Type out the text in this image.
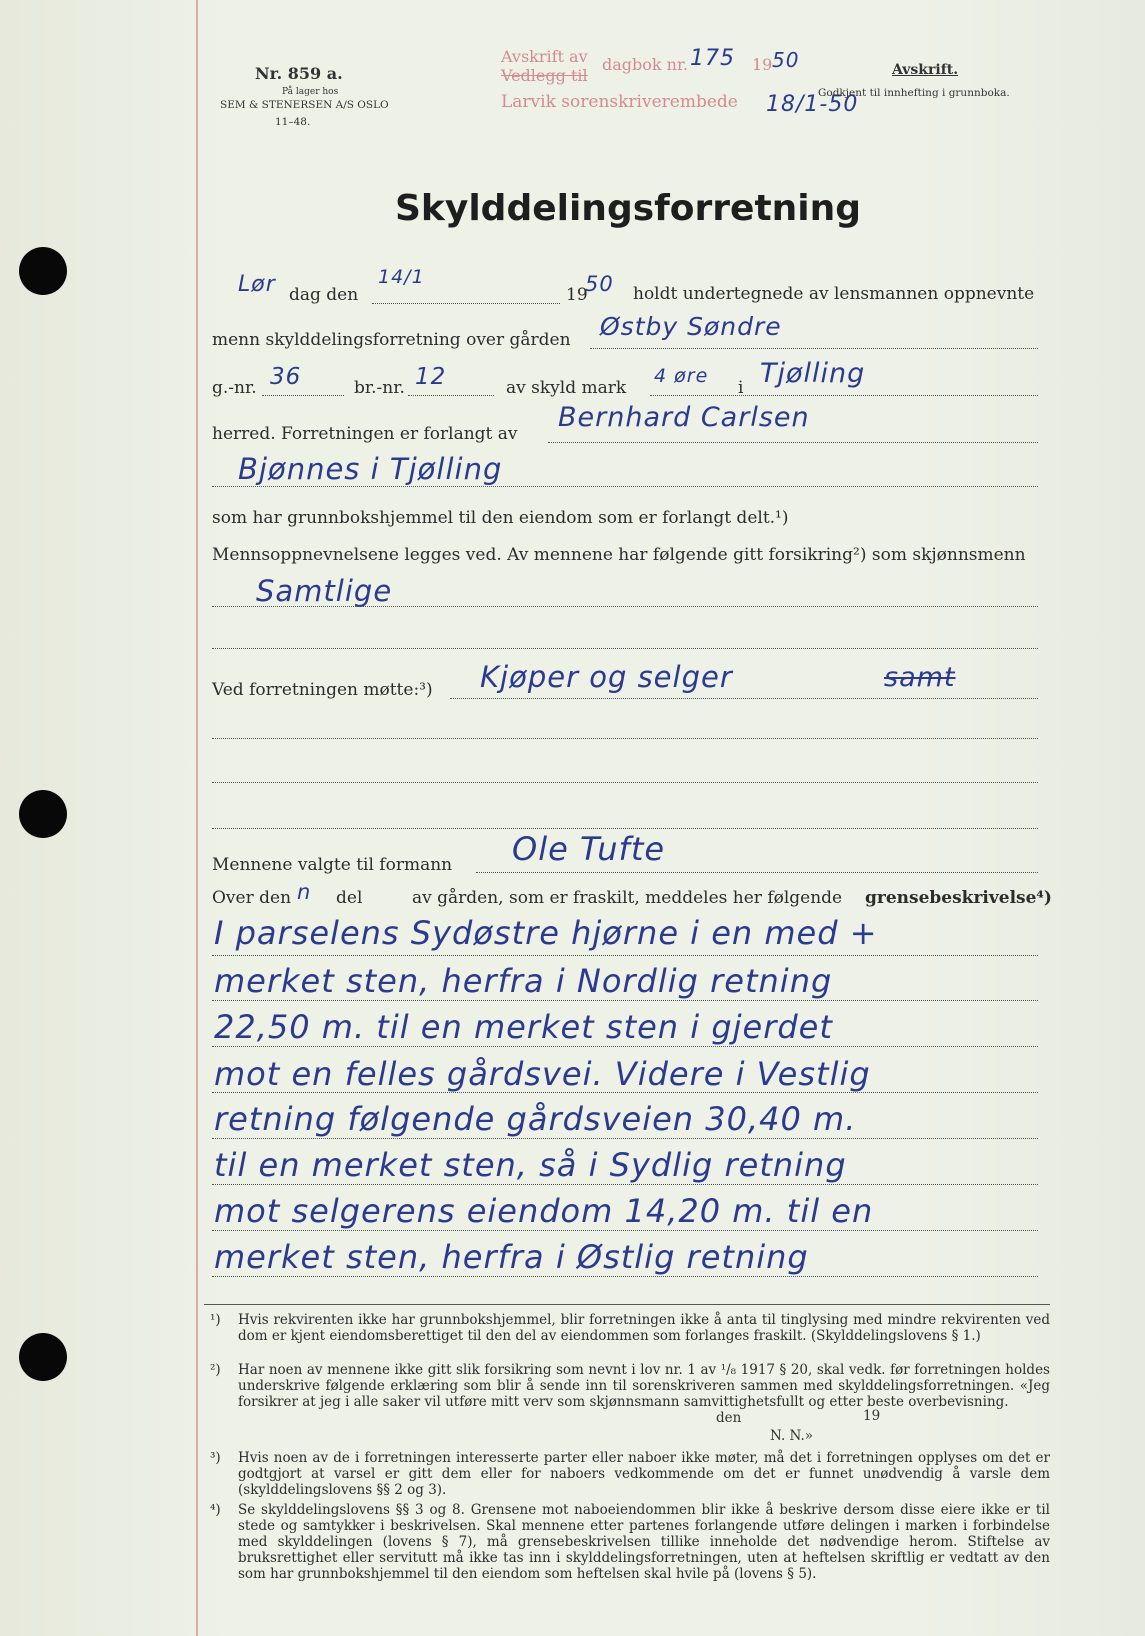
Nr. 859 a.
På lager hos
SEM & STENERSEN A/S OSLO
11–48.
Avskrift av
Vedlegg til
dagbok nr. 175 19 50
Larvik sorenskriverembede 18/1-50
Avskrift.
Godkjent til innhefting i grunnboka.
Skylddelingsforretning
Lør dag den
14/1
19
50 holdt undertegnede av lensmannen oppnevnte
menn skylddelingsforretning over gården Østby Søndre
g.-nr. 36	br.-nr. 12	av skyld mark
4 øre
i Tjølling
herred. Forretningen er forlangt av
Bernhard Carlsen
Bjønnes i Tjølling
som har grunnbokshjemmel til den eiendom som er forlangt delt.¹)
Mennsoppnevnelsene legges ved. Av mennene har følgende gitt forsikring²) som skjønnsmenn
Samtlige
Ved forretningen møtte:³) Kjøper og selger	samt
Mennene valgte til formann Ole Tufte
Over den n del	av gården, som er fraskilt, meddeles her følgende grensebeskrivelse⁴)
I parselens Sydøstre hjørne i en med +
merket sten, herfra i Nordlig retning
22,50 m. til en merket sten i gjerdet
mot en felles gårdsvei. Videre i Vestlig
retning følgende gårdsveien 30,40 m.
til en merket sten, så i Sydlig retning
mot selgerens eiendom 14,20 m. til en
merket sten, herfra i Østlig retning
¹) Hvis rekvirenten ikke har grunnbokshjemmel, blir forretningen ikke å anta til tinglysing med mindre rekvirenten ved dom er kjent eiendomsberettiget til den del av eiendommen som forlanges fraskilt. (Skylddelingslovens § 1.)
²) Har noen av mennene ikke gitt slik forsikring som nevnt i lov nr. 1 av ¹/₈ 1917 § 20, skal vedk. før forretningen holdes underskrive følgende erklæring som blir å sende inn til sorenskriveren sammen med skylddelingsforretningen. «Jeg forsikrer at jeg i alle saker vil utføre mitt verv som skjønnsmann samvittighetsfullt og etter beste overbevisning.
den	19
N. N.»
³) Hvis noen av de i forretningen interesserte parter eller naboer ikke møter, må det i forretningen opplyses om det er godtgjort at varsel er gitt dem eller for naboers vedkommende om det er funnet unødvendig å varsle dem (skylddelingslovens §§ 2 og 3).
⁴) Se skylddelingslovens §§ 3 og 8. Grensene mot naboeiendommen blir ikke å beskrive dersom disse eiere ikke er til stede og samtykker i beskrivelsen. Skal mennene etter partenes forlangende utføre delingen i marken i forbindelse med skylddelingen (lovens § 7), må grensebeskrivelsen tillike inneholde det nødvendige herom. Stiftelse av bruksrettighet eller servitutt må ikke tas inn i skylddelingsforretningen, uten at heftelsen skriftlig er vedtatt av den som har grunnbokshjemmel til den eiendom som heftelsen skal hvile på (lovens § 5).
